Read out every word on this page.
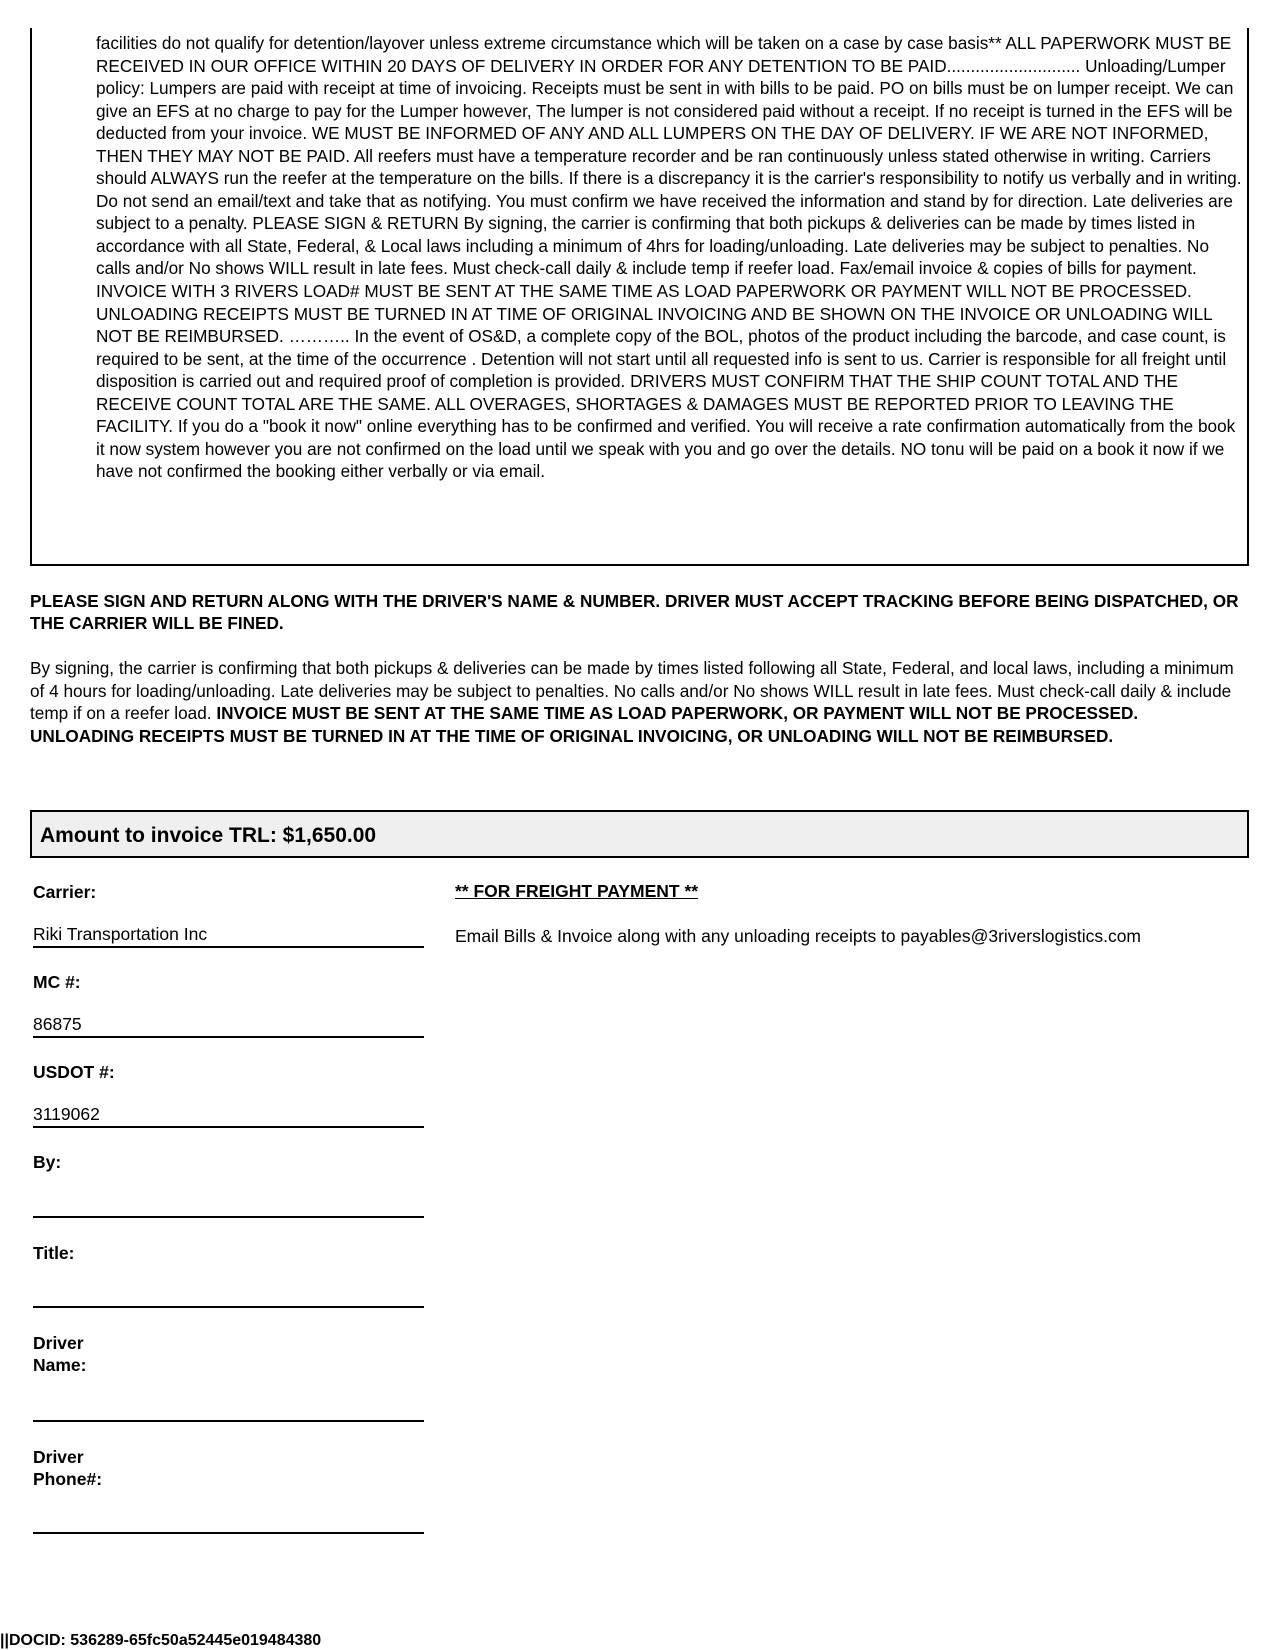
facilities do not qualify for detention/layover unless extreme circumstance which will be taken on a case by case basis** ALL PAPERWORK MUST BE RECEIVED IN OUR OFFICE WITHIN 20 DAYS OF DELIVERY IN ORDER FOR ANY DETENTION TO BE PAID............................ Unloading/Lumper policy: Lumpers are paid with receipt at time of invoicing. Receipts must be sent in with bills to be paid. PO on bills must be on lumper receipt. We can give an EFS at no charge to pay for the Lumper however, The lumper is not considered paid without a receipt. If no receipt is turned in the EFS will be deducted from your invoice. WE MUST BE INFORMED OF ANY AND ALL LUMPERS ON THE DAY OF DELIVERY. IF WE ARE NOT INFORMED, THEN THEY MAY NOT BE PAID. All reefers must have a temperature recorder and be ran continuously unless stated otherwise in writing. Carriers should ALWAYS run the reefer at the temperature on the bills. If there is a discrepancy it is the carrier's responsibility to notify us verbally and in writing. Do not send an email/text and take that as notifying. You must confirm we have received the information and stand by for direction. Late deliveries are subject to a penalty. PLEASE SIGN & RETURN By signing, the carrier is confirming that both pickups & deliveries can be made by times listed in accordance with all State, Federal, & Local laws including a minimum of 4hrs for loading/unloading. Late deliveries may be subject to penalties. No calls and/or No shows WILL result in late fees. Must check-call daily & include temp if reefer load. Fax/email invoice & copies of bills for payment. INVOICE WITH 3 RIVERS LOAD# MUST BE SENT AT THE SAME TIME AS LOAD PAPERWORK OR PAYMENT WILL NOT BE PROCESSED. UNLOADING RECEIPTS MUST BE TURNED IN AT TIME OF ORIGINAL INVOICING AND BE SHOWN ON THE INVOICE OR UNLOADING WILL NOT BE REIMBURSED. ……….. In the event of OS&D, a complete copy of the BOL, photos of the product including the barcode, and case count, is required to be sent, at the time of the occurrence . Detention will not start until all requested info is sent to us. Carrier is responsible for all freight until disposition is carried out and required proof of completion is provided. DRIVERS MUST CONFIRM THAT THE SHIP COUNT TOTAL AND THE RECEIVE COUNT TOTAL ARE THE SAME. ALL OVERAGES, SHORTAGES & DAMAGES MUST BE REPORTED PRIOR TO LEAVING THE FACILITY. If you do a "book it now" online everything has to be confirmed and verified. You will receive a rate confirmation automatically from the book it now system however you are not confirmed on the load until we speak with you and go over the details. NO tonu will be paid on a book it now if we have not confirmed the booking either verbally or via email.
PLEASE SIGN AND RETURN ALONG WITH THE DRIVER'S NAME & NUMBER. DRIVER MUST ACCEPT TRACKING BEFORE BEING DISPATCHED, OR THE CARRIER WILL BE FINED.
By signing, the carrier is confirming that both pickups & deliveries can be made by times listed following all State, Federal, and local laws, including a minimum of 4 hours for loading/unloading. Late deliveries may be subject to penalties. No calls and/or No shows WILL result in late fees. Must check-call daily & include temp if on a reefer load. INVOICE MUST BE SENT AT THE SAME TIME AS LOAD PAPERWORK, OR PAYMENT WILL NOT BE PROCESSED. UNLOADING RECEIPTS MUST BE TURNED IN AT THE TIME OF ORIGINAL INVOICING, OR UNLOADING WILL NOT BE REIMBURSED.
Amount to invoice TRL: $1,650.00
Carrier:
Riki Transportation Inc
MC #:
86875
USDOT #:
3119062
By:
Title:
Driver
Name:
Driver
Phone#:
** FOR FREIGHT PAYMENT **
Email Bills & Invoice along with any unloading receipts to payables@3riverslogistics.com
||DOCID: 536289-65fc50a52445e019484380
